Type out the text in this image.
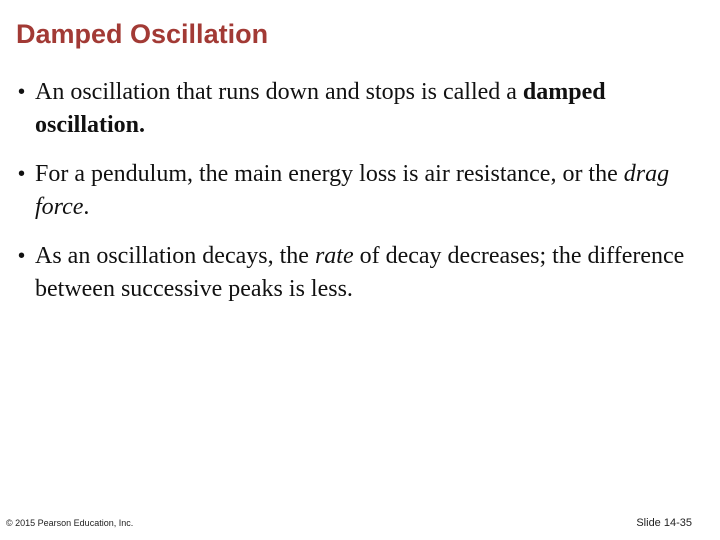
Damped Oscillation
• An oscillation that runs down and stops is called a damped oscillation.
• For a pendulum, the main energy loss is air resistance, or the drag force.
• As an oscillation decays, the rate of decay decreases; the difference between successive peaks is less.
© 2015 Pearson Education, Inc.	Slide 14-35
